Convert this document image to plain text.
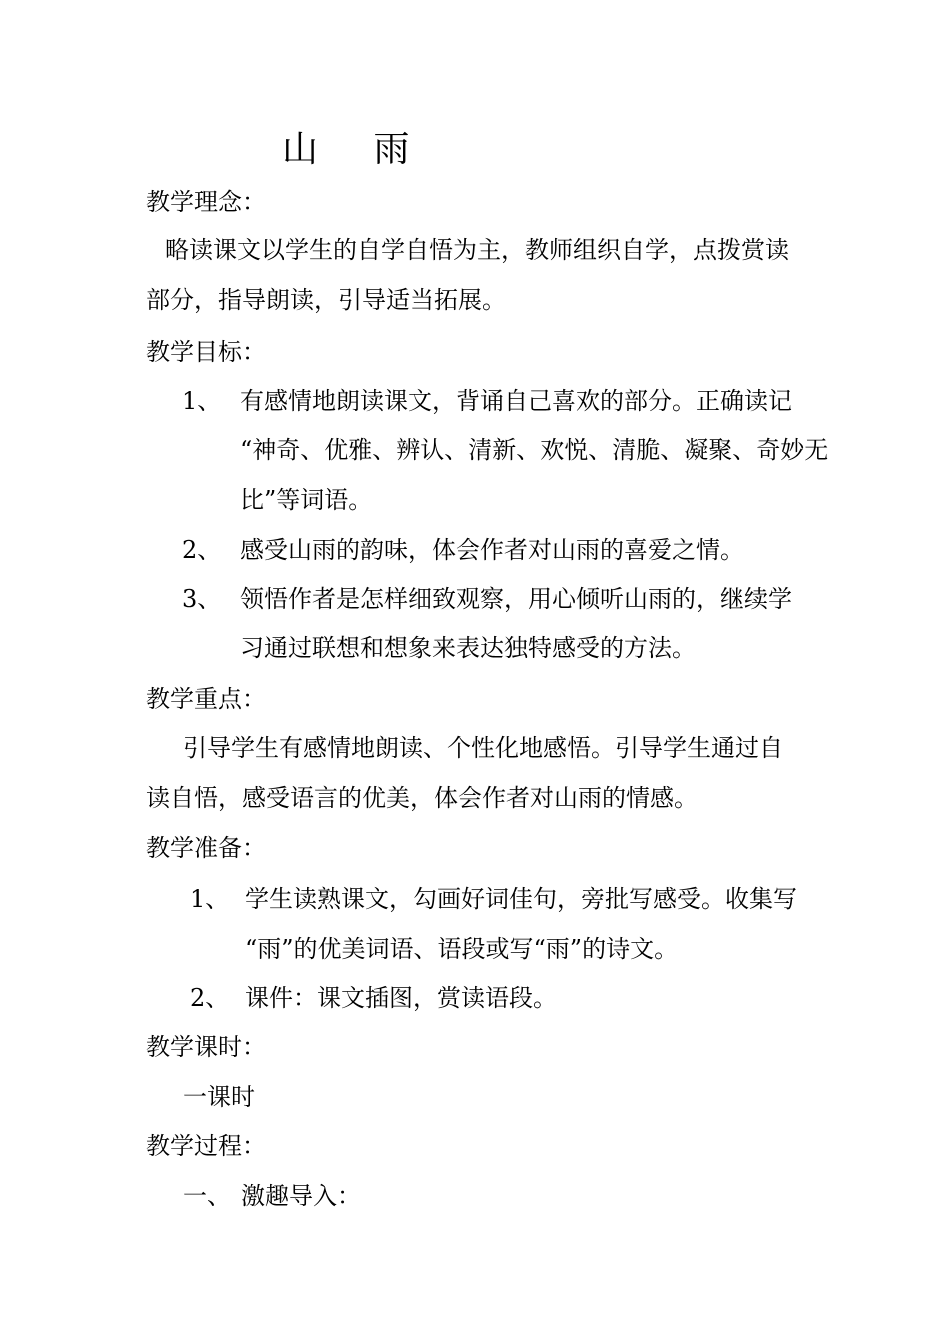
山 雨
教学理念：
略读课文以学生的自学自悟为主，教师组织自学，点拨赏读
部分，指导朗读，引导适当拓展。
教学目标：
1、 有感情地朗读课文，背诵自己喜欢的部分。正确读记
“神奇、优雅、辨认、清新、欢悦、清脆、凝聚、奇妙无
比”等词语。
2、 感受山雨的韵味，体会作者对山雨的喜爱之情。
3、 领悟作者是怎样细致观察，用心倾听山雨的，继续学
习通过联想和想象来表达独特感受的方法。
教学重点：
引导学生有感情地朗读、个性化地感悟。引导学生通过自
读自悟，感受语言的优美，体会作者对山雨的情感。
教学准备：
1、 学生读熟课文，勾画好词佳句，旁批写感受。收集写
“雨”的优美词语、语段或写“雨”的诗文。
2、 课件：课文插图，赏读语段。
教学课时：
一课时
教学过程：
一、 激趣导入：
